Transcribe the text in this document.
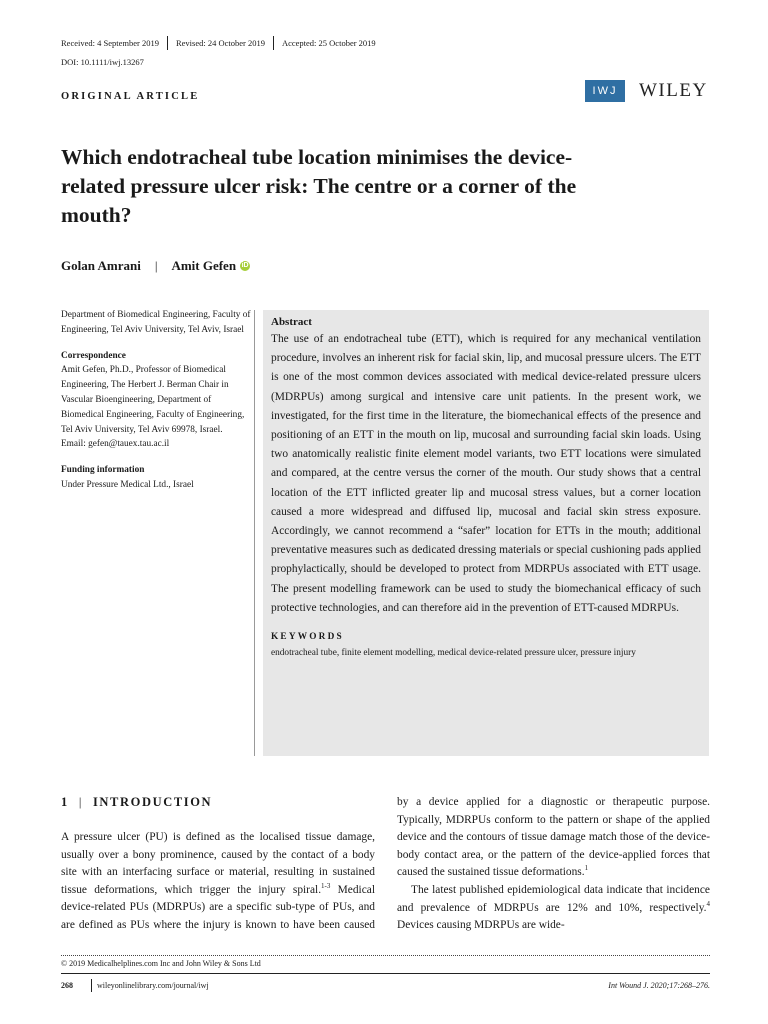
Received: 4 September 2019 Revised: 24 October 2019 Accepted: 25 October 2019
DOI: 10.1111/iwj.13267
ORIGINAL ARTICLE	IWJ	WILEY
Which endotracheal tube location minimises the device-related pressure ulcer risk: The centre or a corner of the mouth?
Golan Amrani | Amit Gefen iD

Department of Biomedical Engineering, Faculty of Engineering, Tel Aviv University, Tel Aviv, Israel

Correspondence
Amit Gefen, Ph.D., Professor of Biomedical Engineering, The Herbert J. Berman Chair in Vascular Bioengineering, Department of Biomedical Engineering, Faculty of Engineering, Tel Aviv University, Tel Aviv 69978, Israel.
Email: gefen@tauex.tau.ac.il

Funding information
Under Pressure Medical Ltd., Israel

Abstract
The use of an endotracheal tube (ETT), which is required for any mechanical ventilation procedure, involves an inherent risk for facial skin, lip, and mucosal pressure ulcers. The ETT is one of the most common devices associated with medical device-related pressure ulcers (MDRPUs) among surgical and intensive care unit patients. In the present work, we investigated, for the first time in the literature, the biomechanical effects of the presence and positioning of an ETT in the mouth on lip, mucosal and surrounding facial skin loads. Using two anatomically realistic finite element model variants, two ETT locations were simulated and compared, at the centre versus the corner of the mouth. Our study shows that a central location of the ETT inflicted greater lip and mucosal stress values, but a corner location caused a more widespread and diffused lip, mucosal and facial skin stress exposure. Accordingly, we cannot recommend a “safer” location for ETTs in the mouth; additional preventative measures such as dedicated dressing materials or special cushioning pads applied prophylactically, should be developed to protect from MDRPUs associated with ETT usage. The present modelling framework can be used to study the biomechanical efficacy of such protective technologies, and can therefore aid in the prevention of ETT-caused MDRPUs.
KEYWORDS
endotracheal tube, finite element modelling, medical device-related pressure ulcer, pressure injury
1 | INTRODUCTION

A pressure ulcer (PU) is defined as the localised tissue damage, usually over a bony prominence, caused by the contact of a body site with an interfacing surface or material, resulting in sustained tissue deformations, which trigger the injury spiral.$^{1-3}$ Medical device-related PUs (MDRPUs) are a specific sub-type of PUs, and are defined as PUs where the injury is known to have been caused

by a device applied for a diagnostic or therapeutic purpose. Typically, MDRPUs conform to the pattern or shape of the applied device and the contours of tissue damage match those of the device-body contact area, or the pattern of the device-applied forces that caused the sustained tissue deformations.$^1$

The latest published epidemiological data indicate that incidence and prevalence of MDRPUs are 12% and 10%, respectively.$^4$ Devices causing MDRPUs are wide-

© 2019 Medicalhelplines.com Inc and John Wiley & Sons Ltd
268	wileyonlinelibrary.com/journal/iwj	Int Wound J. 2020;17:268–276.
